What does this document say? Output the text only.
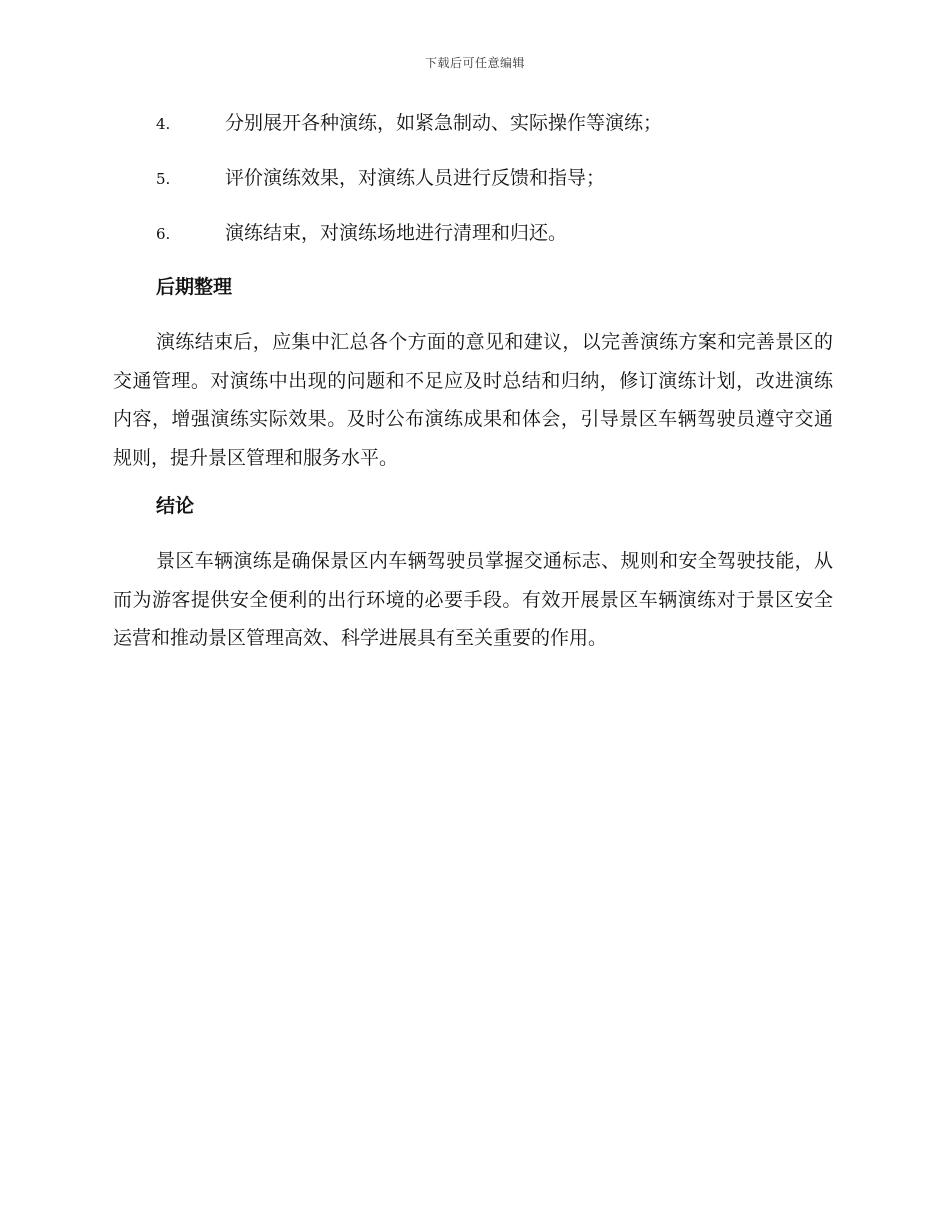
下载后可任意编辑
4.	分别展开各种演练，如紧急制动、实际操作等演练；
5.	评价演练效果，对演练人员进行反馈和指导；
6.	演练结束，对演练场地进行清理和归还。
后期整理

演练结束后，应集中汇总各个方面的意见和建议，以完善演练方案和完善景区的交通管理。对演练中出现的问题和不足应及时总结和归纳，修订演练计划，改进演练内容，增强演练实际效果。及时公布演练成果和体会，引导景区车辆驾驶员遵守交通规则，提升景区管理和服务水平。

结论

景区车辆演练是确保景区内车辆驾驶员掌握交通标志、规则和安全驾驶技能，从而为游客提供安全便利的出行环境的必要手段。有效开展景区车辆演练对于景区安全运营和推动景区管理高效、科学进展具有至关重要的作用。
